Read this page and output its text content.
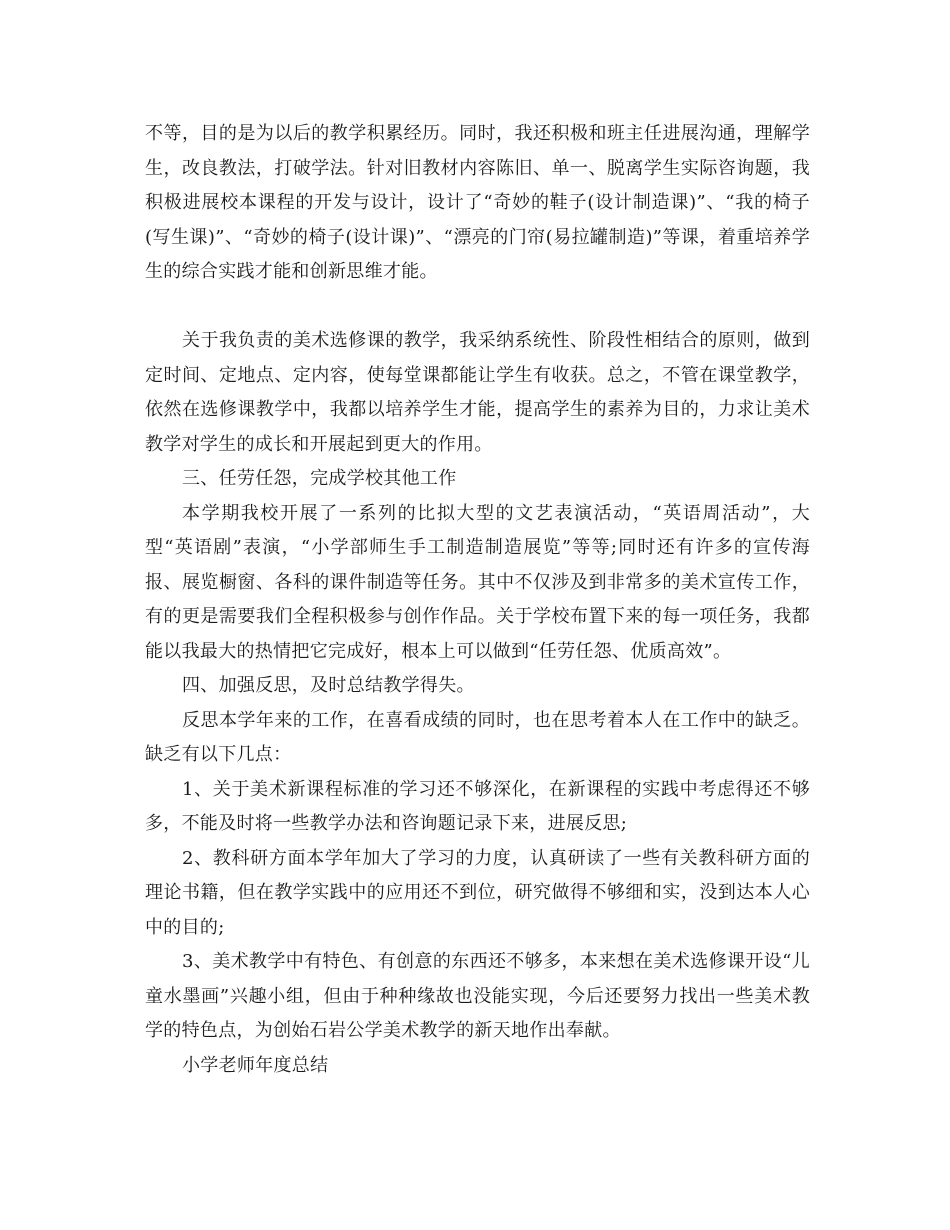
不等，目的是为以后的教学积累经历。同时，我还积极和班主任进展沟通，理解学生，改良教法，打破学法。针对旧教材内容陈旧、单一、脱离学生实际咨询题，我积极进展校本课程的开发与设计，设计了“奇妙的鞋子(设计制造课)”、“我的椅子(写生课)”、“奇妙的椅子(设计课)”、“漂亮的门帘(易拉罐制造)”等课，着重培养学生的综合实践才能和创新思维才能。

关于我负责的美术选修课的教学，我采纳系统性、阶段性相结合的原则，做到定时间、定地点、定内容，使每堂课都能让学生有收获。总之，不管在课堂教学，依然在选修课教学中，我都以培养学生才能，提高学生的素养为目的，力求让美术教学对学生的成长和开展起到更大的作用。

三、任劳任怨，完成学校其他工作

本学期我校开展了一系列的比拟大型的文艺表演活动，“英语周活动”，大型“英语剧”表演，“小学部师生手工制造制造展览”等等;同时还有许多的宣传海报、展览橱窗、各科的课件制造等任务。其中不仅涉及到非常多的美术宣传工作，有的更是需要我们全程积极参与创作作品。关于学校布置下来的每一项任务，我都能以我最大的热情把它完成好，根本上可以做到“任劳任怨、优质高效”。

四、加强反思，及时总结教学得失。

反思本学年来的工作，在喜看成绩的同时，也在思考着本人在工作中的缺乏。缺乏有以下几点：

1、关于美术新课程标准的学习还不够深化，在新课程的实践中考虑得还不够多，不能及时将一些教学办法和咨询题记录下来，进展反思;

2、教科研方面本学年加大了学习的力度，认真研读了一些有关教科研方面的理论书籍，但在教学实践中的应用还不到位，研究做得不够细和实，没到达本人心中的目的;

3、美术教学中有特色、有创意的东西还不够多，本来想在美术选修课开设“儿童水墨画”兴趣小组，但由于种种缘故也没能实现，今后还要努力找出一些美术教学的特色点，为创始石岩公学美术教学的新天地作出奉献。

小学老师年度总结
